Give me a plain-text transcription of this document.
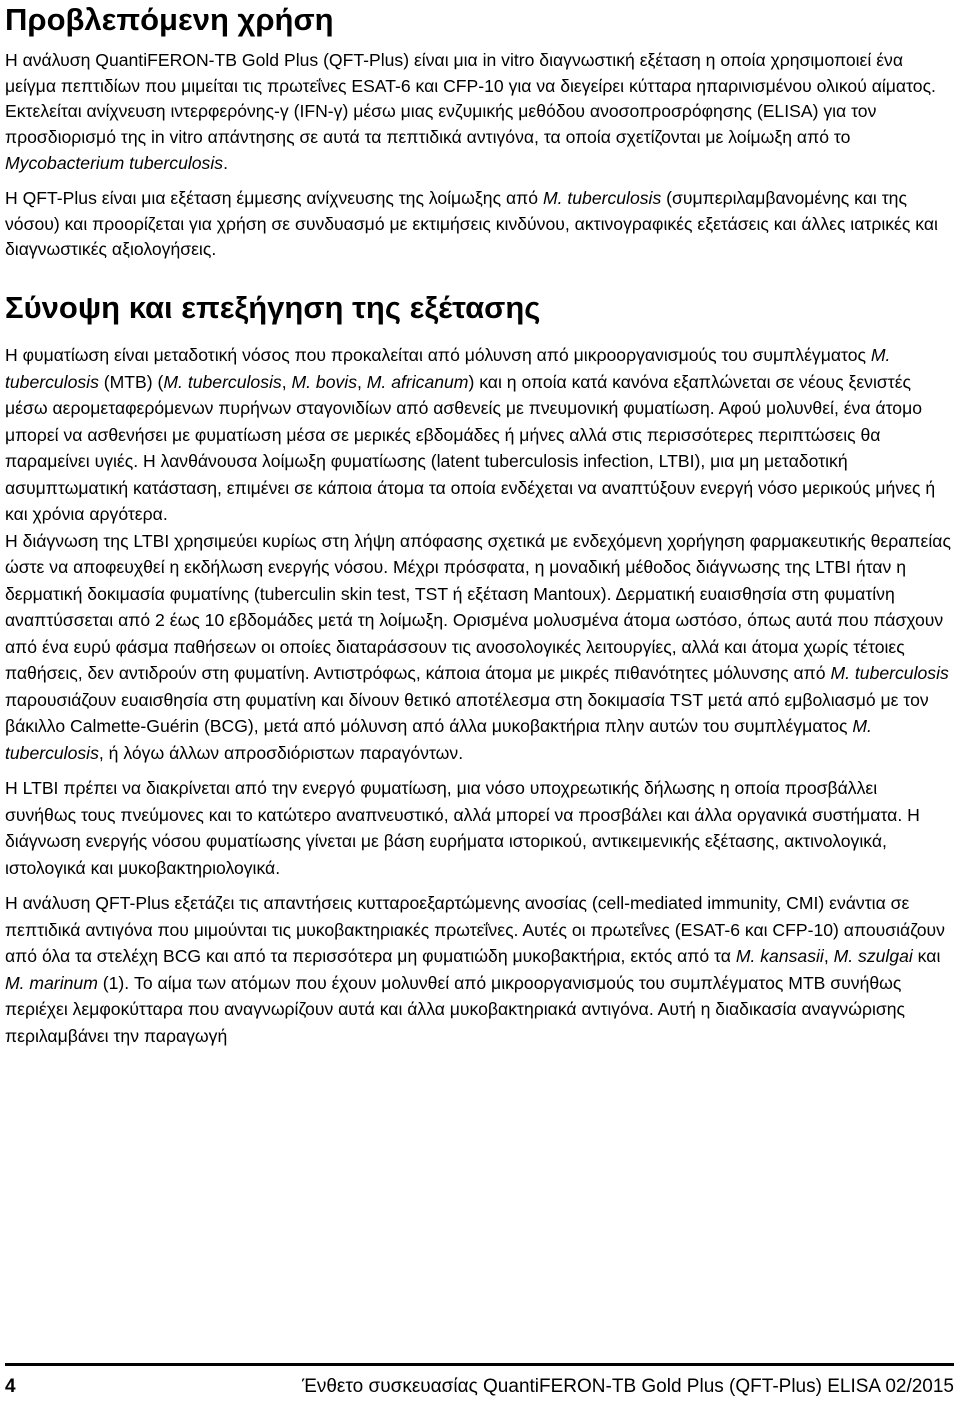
Προβλεπόμενη χρήση

Η ανάλυση QuantiFERON-TB Gold Plus (QFT-Plus) είναι μια in vitro διαγνωστική εξέταση η οποία χρησιμοποιεί ένα μείγμα πεπτιδίων που μιμείται τις πρωτεΐνες ESAT-6 και CFP-10 για να διεγείρει κύτταρα ηπαρινισμένου ολικού αίματος. Εκτελείται ανίχνευση ιντερφερόνης-γ (IFN-γ) μέσω μιας ενζυμικής μεθόδου ανοσοπροσρόφησης (ELISA) για τον προσδιορισμό της in vitro απάντησης σε αυτά τα πεπτιδικά αντιγόνα, τα οποία σχετίζονται με λοίμωξη από το Mycobacterium tuberculosis.

Η QFT-Plus είναι μια εξέταση έμμεσης ανίχνευσης της λοίμωξης από M. tuberculosis (συμπεριλαμβανομένης και της νόσου) και προορίζεται για χρήση σε συνδυασμό με εκτιμήσεις κινδύνου, ακτινογραφικές εξετάσεις και άλλες ιατρικές και διαγνωστικές αξιολογήσεις.

Σύνοψη και επεξήγηση της εξέτασης

Η φυματίωση είναι μεταδοτική νόσος που προκαλείται από μόλυνση από μικροοργανισμούς του συμπλέγματος M. tuberculosis (MTB) (M. tuberculosis, M. bovis, M. africanum) και η οποία κατά κανόνα εξαπλώνεται σε νέους ξενιστές μέσω αερομεταφερόμενων πυρήνων σταγονιδίων από ασθενείς με πνευμονική φυματίωση. Αφού μολυνθεί, ένα άτομο μπορεί να ασθενήσει με φυματίωση μέσα σε μερικές εβδομάδες ή μήνες αλλά στις περισσότερες περιπτώσεις θα παραμείνει υγιές. Η λανθάνουσα λοίμωξη φυματίωσης (latent tuberculosis infection, LTBI), μια μη μεταδοτική ασυμπτωματική κατάσταση, επιμένει σε κάποια άτομα τα οποία ενδέχεται να αναπτύξουν ενεργή νόσο μερικούς μήνες ή και χρόνια αργότερα.

Η διάγνωση της LTBI χρησιμεύει κυρίως στη λήψη απόφασης σχετικά με ενδεχόμενη χορήγηση φαρμακευτικής θεραπείας ώστε να αποφευχθεί η εκδήλωση ενεργής νόσου. Μέχρι πρόσφατα, η μοναδική μέθοδος διάγνωσης της LTBI ήταν η δερματική δοκιμασία φυματίνης (tuberculin skin test, TST ή εξέταση Mantoux). Δερματική ευαισθησία στη φυματίνη αναπτύσσεται από 2 έως 10 εβδομάδες μετά τη λοίμωξη. Ορισμένα μολυσμένα άτομα ωστόσο, όπως αυτά που πάσχουν από ένα ευρύ φάσμα παθήσεων οι οποίες διαταράσσουν τις ανοσολογικές λειτουργίες, αλλά και άτομα χωρίς τέτοιες παθήσεις, δεν αντιδρούν στη φυματίνη. Αντιστρόφως, κάποια άτομα με μικρές πιθανότητες μόλυνσης από M. tuberculosis παρουσιάζουν ευαισθησία στη φυματίνη και δίνουν θετικό αποτέλεσμα στη δοκιμασία TST μετά από εμβολιασμό με τον βάκιλλο Calmette-Guérin (BCG), μετά από μόλυνση από άλλα μυκοβακτήρια πλην αυτών του συμπλέγματος M. tuberculosis, ή λόγω άλλων απροσδιόριστων παραγόντων.

Η LTBI πρέπει να διακρίνεται από την ενεργό φυματίωση, μια νόσο υποχρεωτικής δήλωσης η οποία προσβάλλει συνήθως τους πνεύμονες και το κατώτερο αναπνευστικό, αλλά μπορεί να προσβάλει και άλλα οργανικά συστήματα. Η διάγνωση ενεργής νόσου φυματίωσης γίνεται με βάση ευρήματα ιστορικού, αντικειμενικής εξέτασης, ακτινολογικά, ιστολογικά και μυκοβακτηριολογικά.

Η ανάλυση QFT-Plus εξετάζει τις απαντήσεις κυτταροεξαρτώμενης ανοσίας (cell-mediated immunity, CMI) ενάντια σε πεπτιδικά αντιγόνα που μιμούνται τις μυκοβακτηριακές πρωτεΐνες. Αυτές οι πρωτεΐνες (ESAT-6 και CFP-10) απουσιάζουν από όλα τα στελέχη BCG και από τα περισσότερα μη φυματιώδη μυκοβακτήρια, εκτός από τα M. kansasii, M. szulgai και M. marinum (1). Το αίμα των ατόμων που έχουν μολυνθεί από μικροοργανισμούς του συμπλέγματος MTB συνήθως περιέχει λεμφοκύτταρα που αναγνωρίζουν αυτά και άλλα μυκοβακτηριακά αντιγόνα. Αυτή η διαδικασία αναγνώρισης περιλαμβάνει την παραγωγή

4	Ένθετο συσκευασίας QuantiFERON-TB Gold Plus (QFT-Plus) ELISA 02/2015
